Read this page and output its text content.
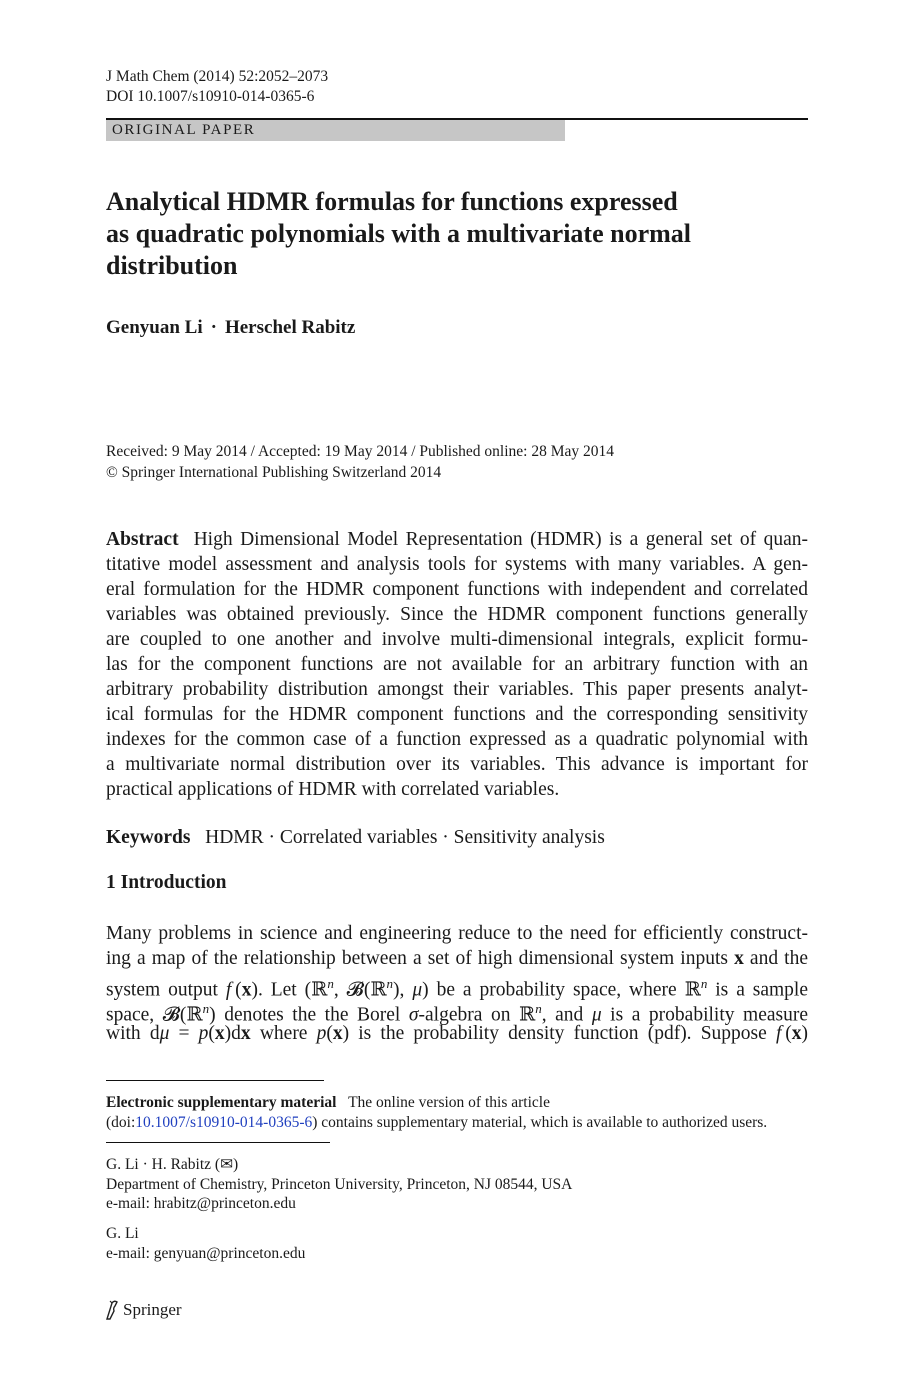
J Math Chem (2014) 52:2052–2073
DOI 10.1007/s10910-014-0365-6
ORIGINAL PAPER
Analytical HDMR formulas for functions expressed
as quadratic polynomials with a multivariate normal
distribution
Genyuan Li · Herschel Rabitz
Received: 9 May 2014 / Accepted: 19 May 2014 / Published online: 28 May 2014
© Springer International Publishing Switzerland 2014
Abstract High Dimensional Model Representation (HDMR) is a general set of quan-
titative model assessment and analysis tools for systems with many variables. A gen-
eral formulation for the HDMR component functions with independent and correlated
variables was obtained previously. Since the HDMR component functions generally
are coupled to one another and involve multi-dimensional integrals, explicit formu-
las for the component functions are not available for an arbitrary function with an
arbitrary probability distribution amongst their variables. This paper presents analyt-
ical formulas for the HDMR component functions and the corresponding sensitivity
indexes for the common case of a function expressed as a quadratic polynomial with
a multivariate normal distribution over its variables. This advance is important for
practical applications of HDMR with correlated variables.
Keywords HDMR · Correlated variables · Sensitivity analysis
1 Introduction
Many problems in science and engineering reduce to the need for efficiently construct-
ing a map of the relationship between a set of high dimensional system inputs x and the
system output f (x). Let (ℝ$^n$, 𝓑(ℝ$^n$), μ) be a probability space, where ℝ$^n$ is a sample
space, 𝓑(ℝ$^n$) denotes the the Borel σ-algebra on ℝ$^n$, and μ is a probability measure
with dμ = p(x)dx where p(x) is the probability density function (pdf). Suppose f (x)
Electronic supplementary material The online version of this article
(doi:10.1007/s10910-014-0365-6) contains supplementary material, which is available to authorized users.
G. Li · H. Rabitz (✉)
Department of Chemistry, Princeton University, Princeton, NJ 08544, USA
e-mail: hrabitz@princeton.edu
G. Li
e-mail: genyuan@princeton.edu
Springer
